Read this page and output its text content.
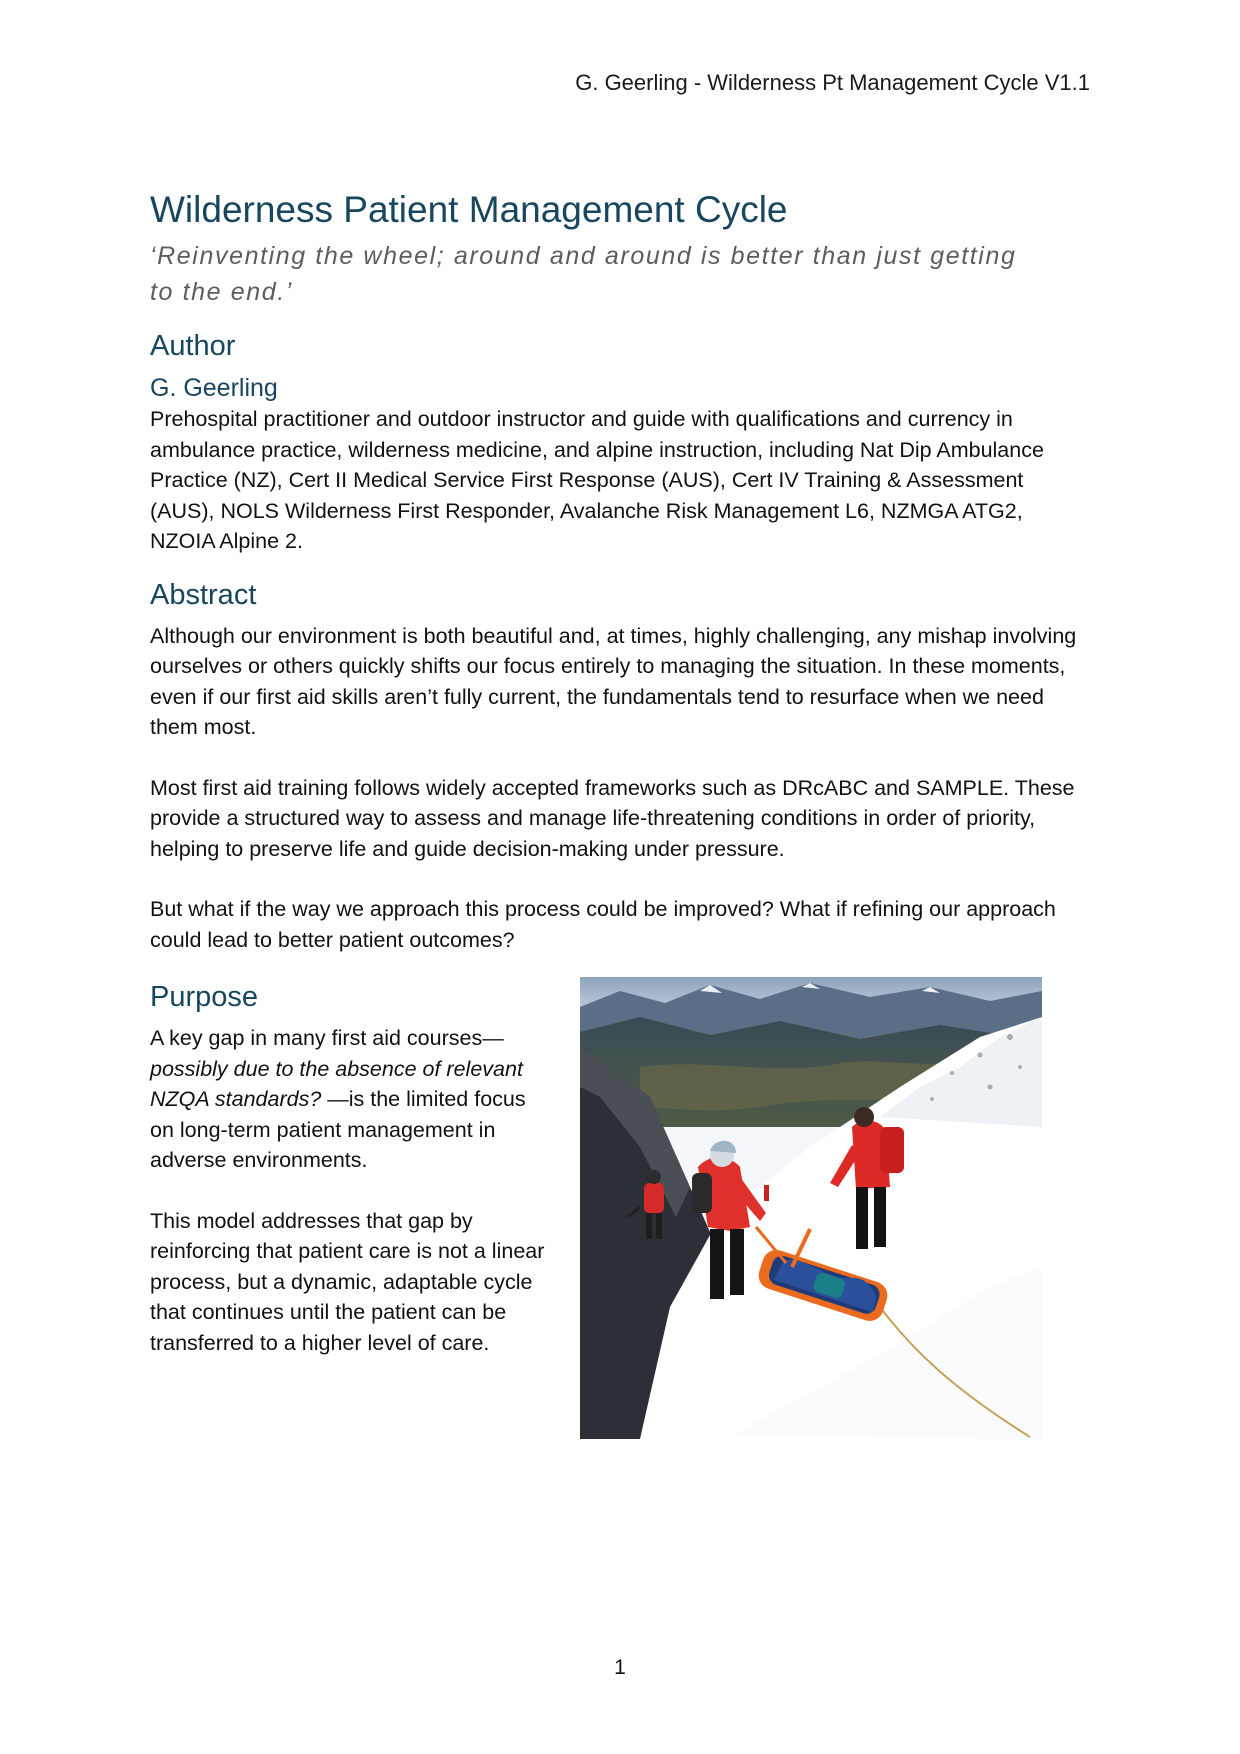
G. Geerling - Wilderness Pt Management Cycle V1.1
Wilderness Patient Management Cycle
‘Reinventing the wheel; around and around is better than just getting to the end.’
Author
G. Geerling

Prehospital practitioner and outdoor instructor and guide with qualifications and currency in ambulance practice, wilderness medicine, and alpine instruction, including Nat Dip Ambulance Practice (NZ), Cert II Medical Service First Response (AUS), Cert IV Training & Assessment (AUS), NOLS Wilderness First Responder, Avalanche Risk Management L6, NZMGA ATG2, NZOIA Alpine 2.

Abstract

Although our environment is both beautiful and, at times, highly challenging, any mishap involving ourselves or others quickly shifts our focus entirely to managing the situation. In these moments, even if our first aid skills aren’t fully current, the fundamentals tend to resurface when we need them most.

Most first aid training follows widely accepted frameworks such as DRcABC and SAMPLE. These provide a structured way to assess and manage life-threatening conditions in order of priority, helping to preserve life and guide decision-making under pressure.

But what if the way we approach this process could be improved? What if refining our approach could lead to better patient outcomes?

Purpose

A key gap in many first aid courses—possibly due to the absence of relevant NZQA standards? —is the limited focus on long-term patient management in adverse environments.

This model addresses that gap by reinforcing that patient care is not a linear process, but a dynamic, adaptable cycle that continues until the patient can be transferred to a higher level of care.

1
